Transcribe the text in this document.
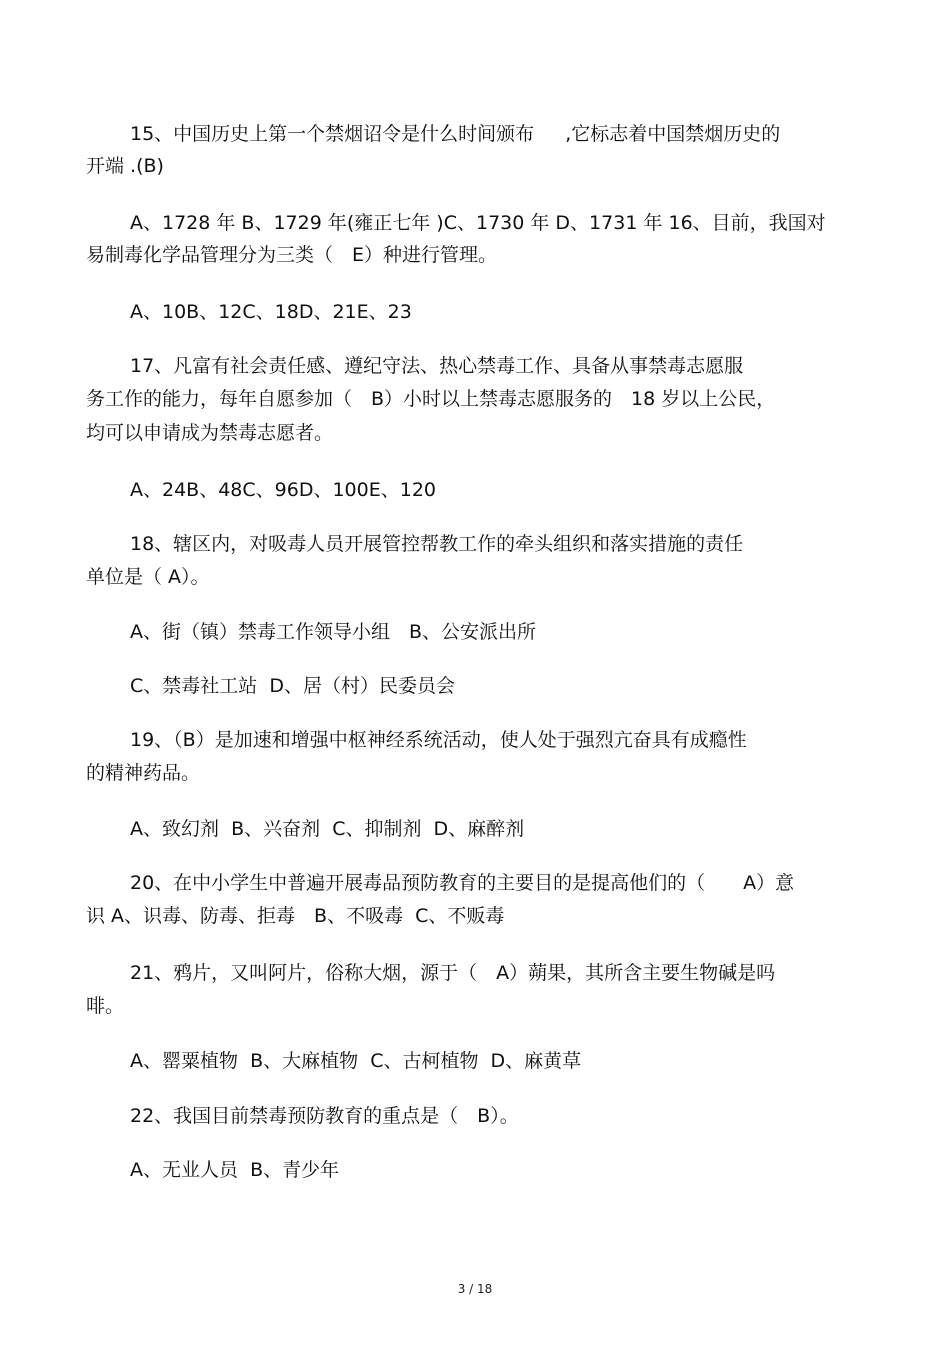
15、中国历史上第一个禁烟诏令是什么时间颁布　  ,它标志着中国禁烟历史的

开端 .(B)

A、1728 年 B、1729 年(雍正七年 )C、1730 年 D、1731 年 16、目前，我国对

易制毒化学品管理分为三类（　E）种进行管理。

A、10B、12C、18D、21E、23

17、凡富有社会责任感、遵纪守法、热心禁毒工作、具备从事禁毒志愿服

务工作的能力，每年自愿参加（　B）小时以上禁毒志愿服务的　18 岁以上公民，

均可以申请成为禁毒志愿者。

A、24B、48C、96D、100E、120

18、辖区内，对吸毒人员开展管控帮教工作的牵头组织和落实措施的责任

单位是（ A）。

A、街（镇）禁毒工作领导小组　B、公安派出所

C、禁毒社工站  D、居（村）民委员会

19、（B）是加速和增强中枢神经系统活动，使人处于强烈亢奋具有成瘾性

的精神药品。

A、致幻剂  B、兴奋剂  C、抑制剂  D、麻醉剂

20、在中小学生中普遍开展毒品预防教育的主要目的是提高他们的（　　A）意

识 A、识毒、防毒、拒毒　B、不吸毒  C、不贩毒

21、鸦片，又叫阿片，俗称大烟，源于（　A）蒴果，其所含主要生物碱是吗

啡。

A、罂粟植物  B、大麻植物  C、古柯植物  D、麻黄草

22、我国目前禁毒预防教育的重点是（　B）。

A、无业人员  B、青少年

3 / 18
